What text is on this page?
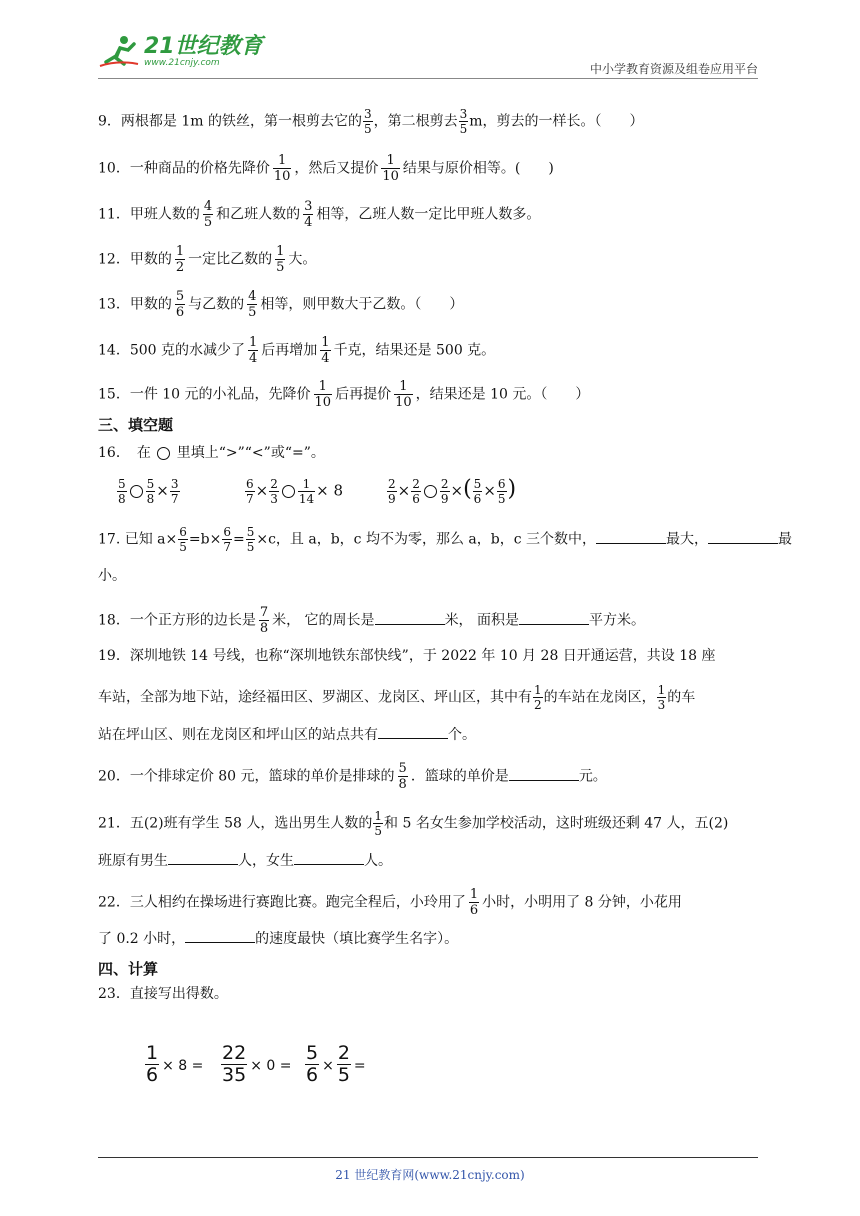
21世纪教育
www.21cnjy.com	中小学教育资源及组卷应用平台
9．两根都是 1m 的铁丝，第一根剪去它的 $\frac{3}{5}$ ，第二根剪去 $\frac{3}{5}$ m，剪去的一样长。（　　）
10．一种商品的价格先降价 $\frac{1}{10}$ ，然后又提价 $\frac{1}{10}$ 结果与原价相等。(　　)
11．甲班人数的 $\frac{4}{5}$ 和乙班人数的 $\frac{3}{4}$ 相等，乙班人数一定比甲班人数多。
12．甲数的 $\frac{1}{2}$ 一定比乙数的 $\frac{1}{5}$ 大。
13．甲数的 $\frac{5}{6}$ 与乙数的 $\frac{4}{5}$ 相等，则甲数大于乙数。（　　）
14．500 克的水减少了 $\frac{1}{4}$ 后再增加 $\frac{1}{4}$ 千克，结果还是 500 克。
15．一件 10 元的小礼品，先降价 $\frac{1}{10}$ 后再提价 $\frac{1}{10}$ ，结果还是 10 元。（　　）
三、填空题
16．　在 里填上“>”“<”或“=”。
$\frac{5}{8} \frac{5}{8} \times \frac{3}{7}$	$\frac{6}{7} \times \frac{2}{3} \frac{1}{14} \times 8$	$\frac{2}{9} \times \frac{2}{6} \frac{2}{9}$ ×( $\frac{5}{6} \times \frac{6}{5}$ )
17. 已知 $a\times \frac{6}{5} =b\times \frac{6}{7} = \frac{5}{5} \times c$，且 a，b，c 均不为零，那么 a，b，c 三个数中，	最大，	最
小。
18．一个正方形的边长是 $\frac{7}{8}$ 米， 它的周长是	米， 面积是	平方米。
19．深圳地铁 14 号线，也称“深圳地铁东部快线”，于 2022 年 10 月 28 日开通运营，共设 18 座
车站，全部为地下站，途经福田区、罗湖区、龙岗区、坪山区，其中有 $\frac{1}{2}$ 的车站在龙岗区， $\frac{1}{3}$ 的车
站在坪山区、则在龙岗区和坪山区的站点共有	个。
20．一个排球定价 80 元，篮球的单价是排球的 $\frac{5}{8}$ ．篮球的单价是	元。
21．五(2)班有学生 58 人，选出男生人数的 $\frac{1}{5}$ 和 5 名女生参加学校活动，这时班级还剩 47 人，五(2)
班原有男生	人，女生	人。
22．三人相约在操场进行赛跑比赛。跑完全程后，小玲用了 $\frac{1}{6}$ 小时，小明用了 8 分钟，小花用
了 0.2 小时，	的速度最快（填比赛学生名字）。
四、计算
23．直接写出得数。
$\frac{1}{6} \times 8 = \frac{22}{35} \times 0 = \frac{5}{6} \times \frac{2}{5}$ =
21 世纪教育网(www.21cnjy.com)
